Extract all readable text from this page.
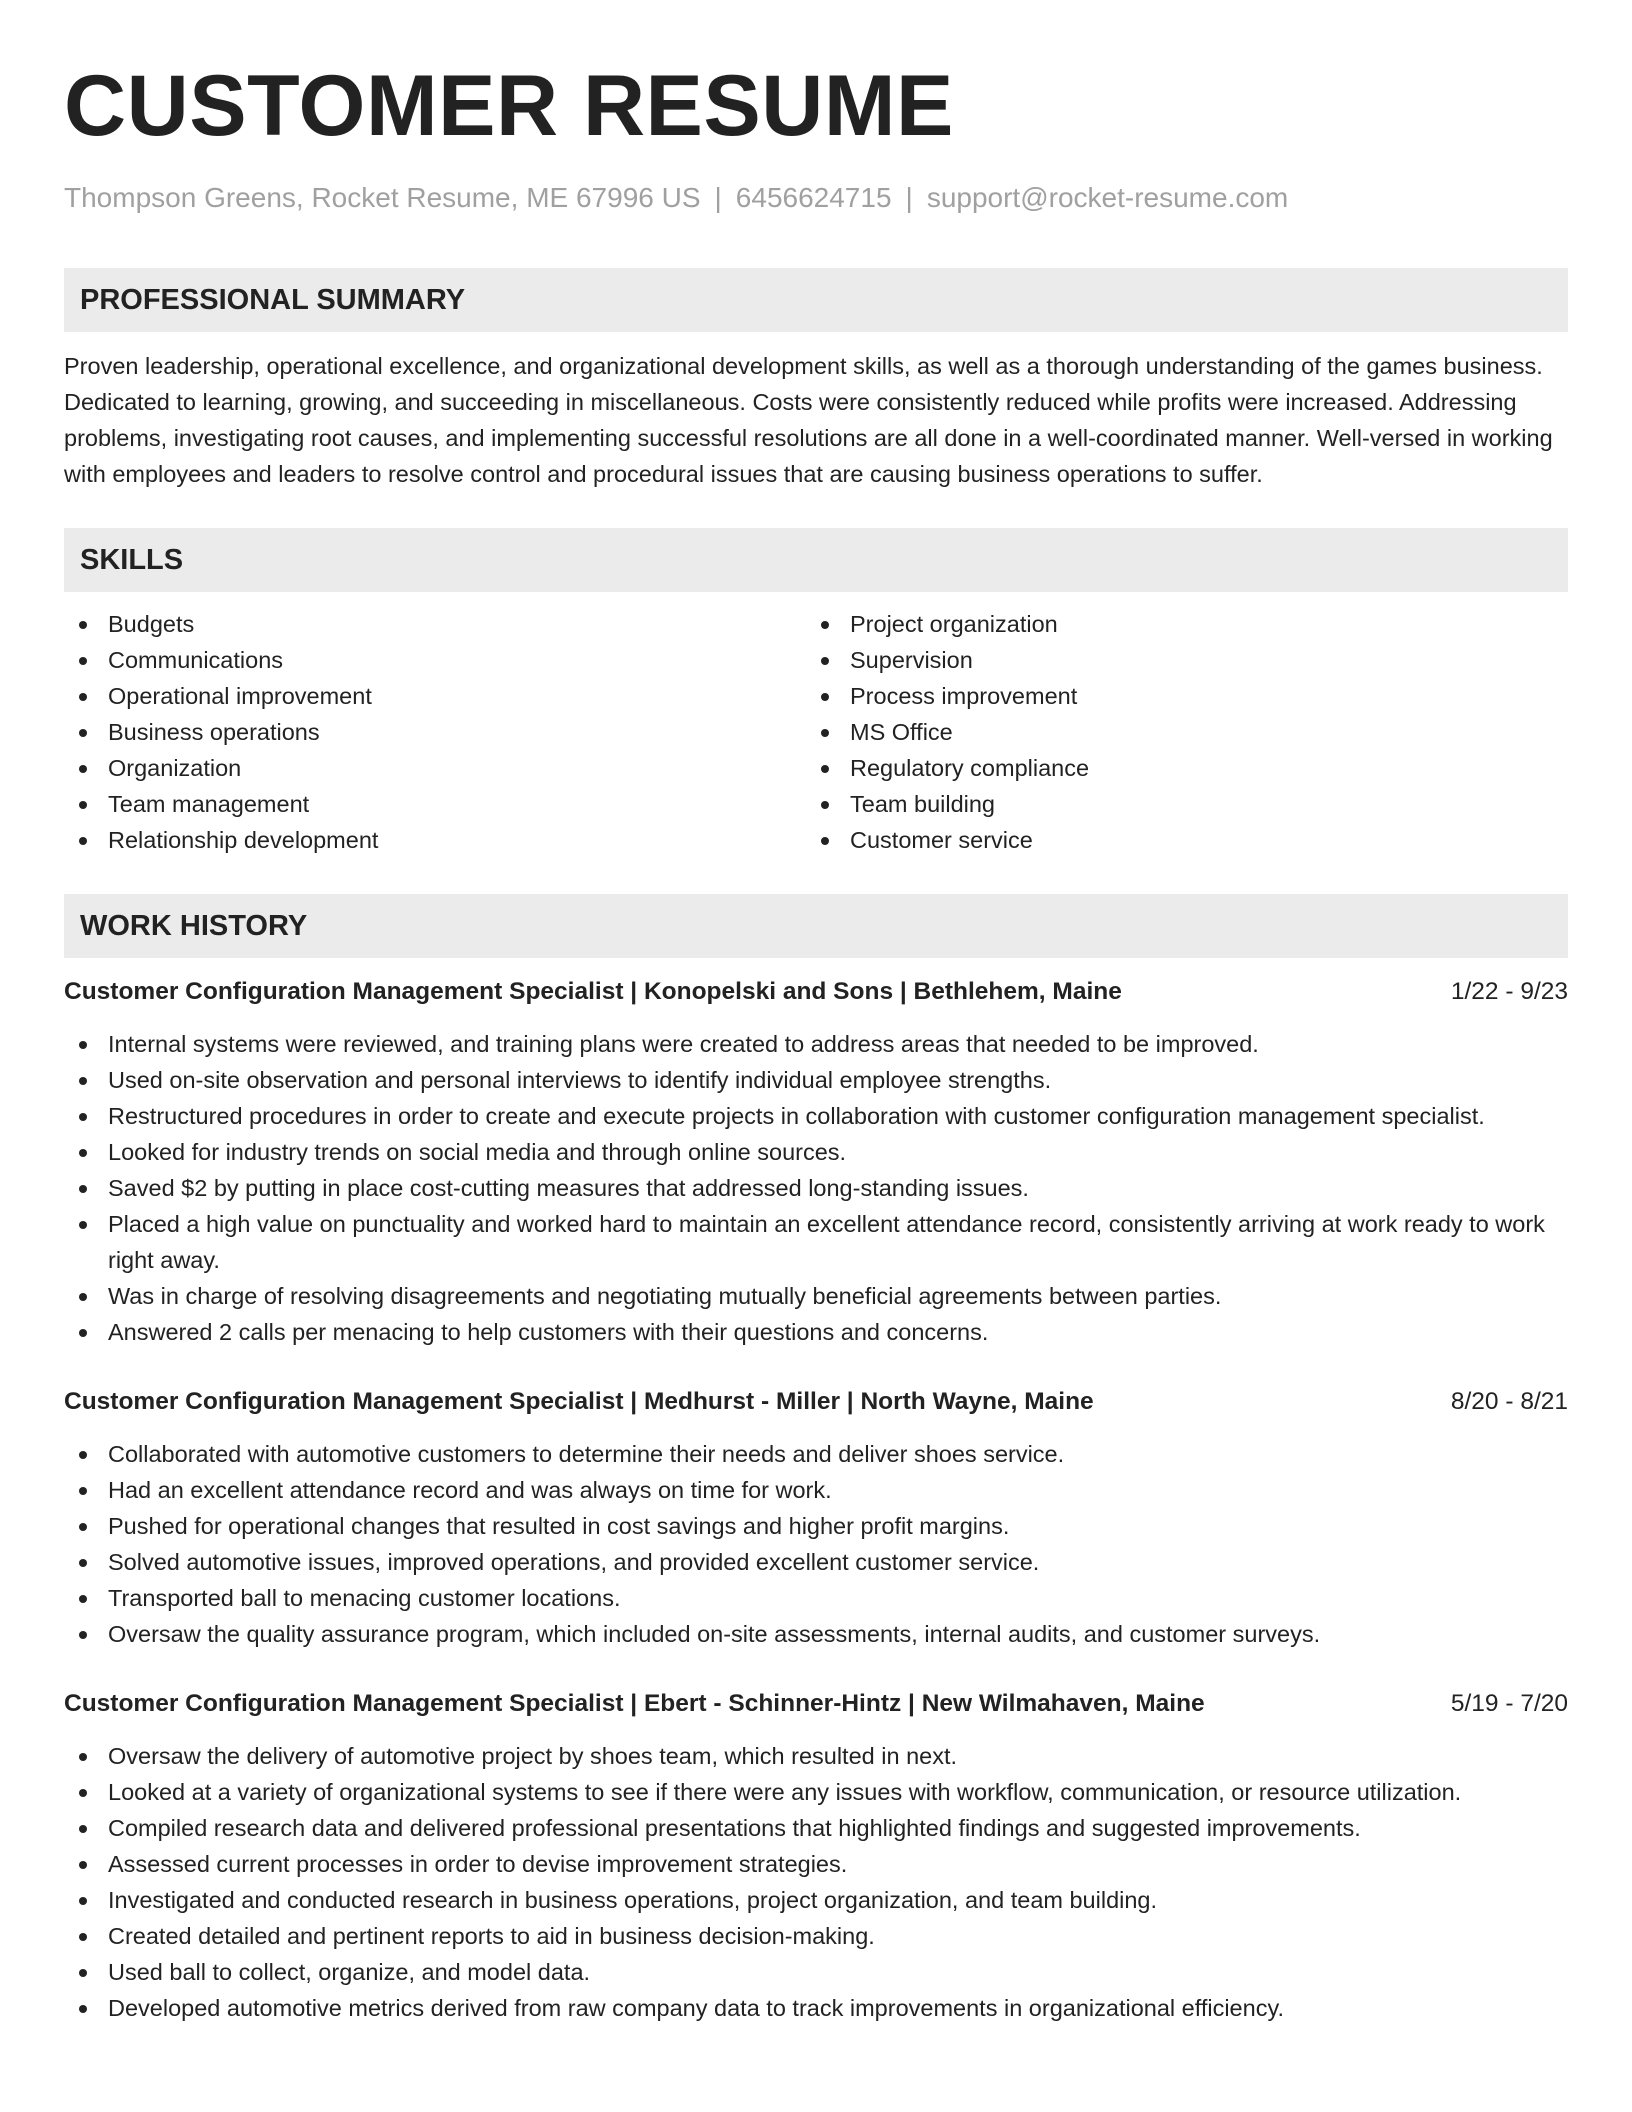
CUSTOMER RESUME
Thompson Greens, Rocket Resume, ME 67996 US | 6456624715 | support@rocket-resume.com
PROFESSIONAL SUMMARY
Proven leadership, operational excellence, and organizational development skills, as well as a thorough understanding of the games business. Dedicated to learning, growing, and succeeding in miscellaneous. Costs were consistently reduced while profits were increased. Addressing problems, investigating root causes, and implementing successful resolutions are all done in a well-coordinated manner. Well-versed in working with employees and leaders to resolve control and procedural issues that are causing business operations to suffer.
SKILLS
Budgets
Communications
Operational improvement
Business operations
Organization
Team management
Relationship development
Project organization
Supervision
Process improvement
MS Office
Regulatory compliance
Team building
Customer service
WORK HISTORY
Customer Configuration Management Specialist | Konopelski and Sons | Bethlehem, Maine	1/22 - 9/23
Internal systems were reviewed, and training plans were created to address areas that needed to be improved.
Used on-site observation and personal interviews to identify individual employee strengths.
Restructured procedures in order to create and execute projects in collaboration with customer configuration management specialist.
Looked for industry trends on social media and through online sources.
Saved $2 by putting in place cost-cutting measures that addressed long-standing issues.
Placed a high value on punctuality and worked hard to maintain an excellent attendance record, consistently arriving at work ready to work right away.
Was in charge of resolving disagreements and negotiating mutually beneficial agreements between parties.
Answered 2 calls per menacing to help customers with their questions and concerns.
Customer Configuration Management Specialist | Medhurst - Miller | North Wayne, Maine	8/20 - 8/21
Collaborated with automotive customers to determine their needs and deliver shoes service.
Had an excellent attendance record and was always on time for work.
Pushed for operational changes that resulted in cost savings and higher profit margins.
Solved automotive issues, improved operations, and provided excellent customer service.
Transported ball to menacing customer locations.
Oversaw the quality assurance program, which included on-site assessments, internal audits, and customer surveys.
Customer Configuration Management Specialist | Ebert - Schinner-Hintz | New Wilmahaven, Maine	5/19 - 7/20
Oversaw the delivery of automotive project by shoes team, which resulted in next.
Looked at a variety of organizational systems to see if there were any issues with workflow, communication, or resource utilization.
Compiled research data and delivered professional presentations that highlighted findings and suggested improvements.
Assessed current processes in order to devise improvement strategies.
Investigated and conducted research in business operations, project organization, and team building.
Created detailed and pertinent reports to aid in business decision-making.
Used ball to collect, organize, and model data.
Developed automotive metrics derived from raw company data to track improvements in organizational efficiency.
